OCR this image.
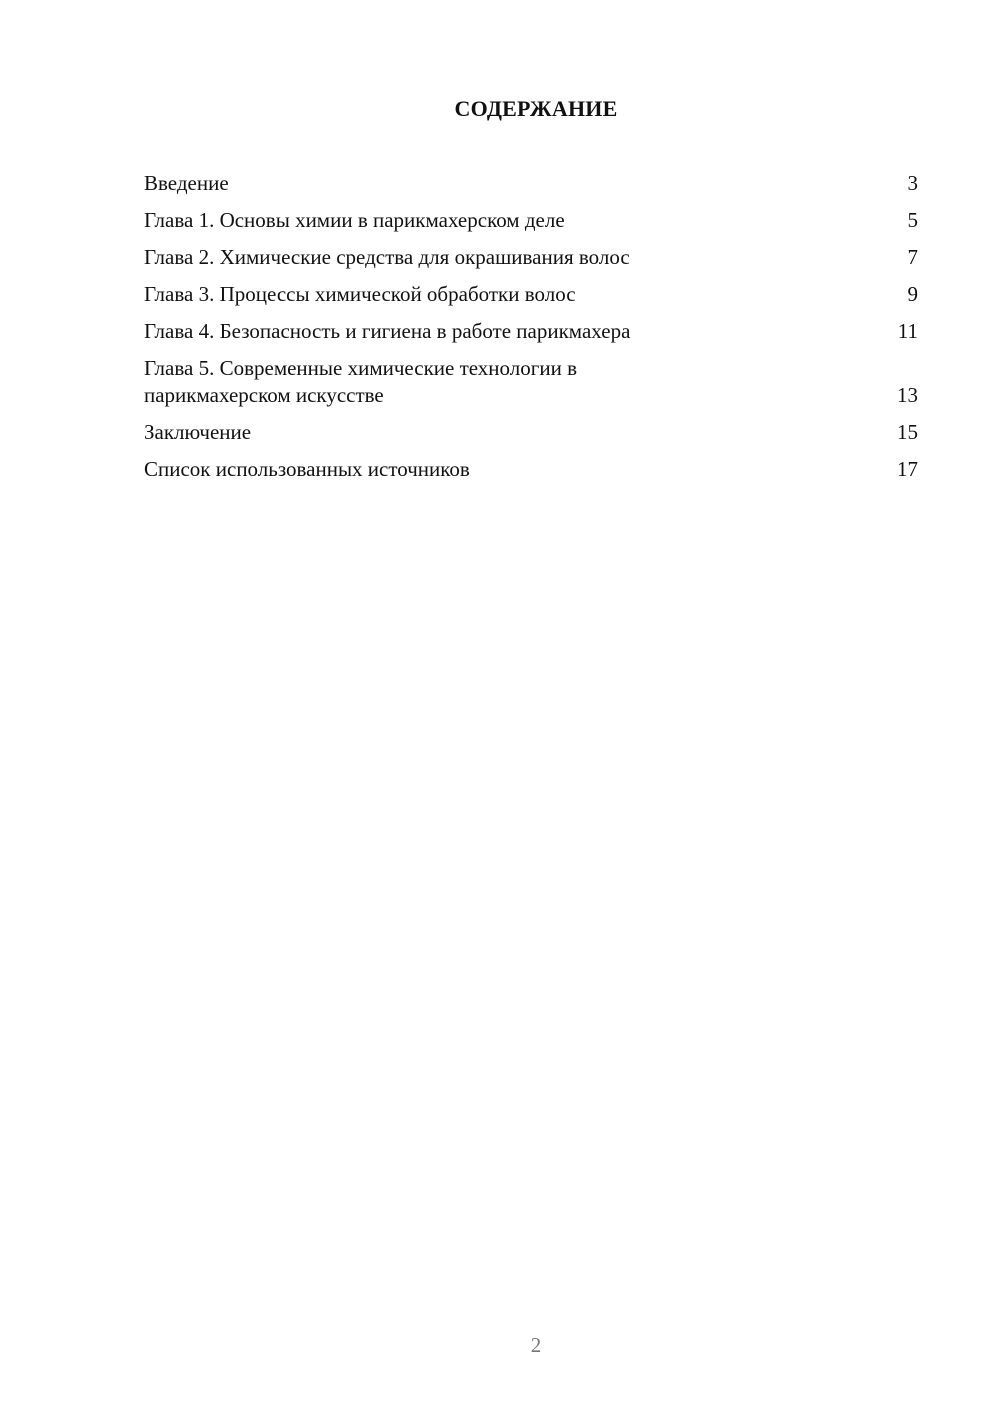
СОДЕРЖАНИЕ
Введение	3
Глава 1. Основы химии в парикмахерском деле	5
Глава 2. Химические средства для окрашивания волос	7
Глава 3. Процессы химической обработки волос	9
Глава 4. Безопасность и гигиена в работе парикмахера	11
Глава 5. Современные химические технологии в парикмахерском искусстве	13
Заключение	15
Список использованных источников	17
2
